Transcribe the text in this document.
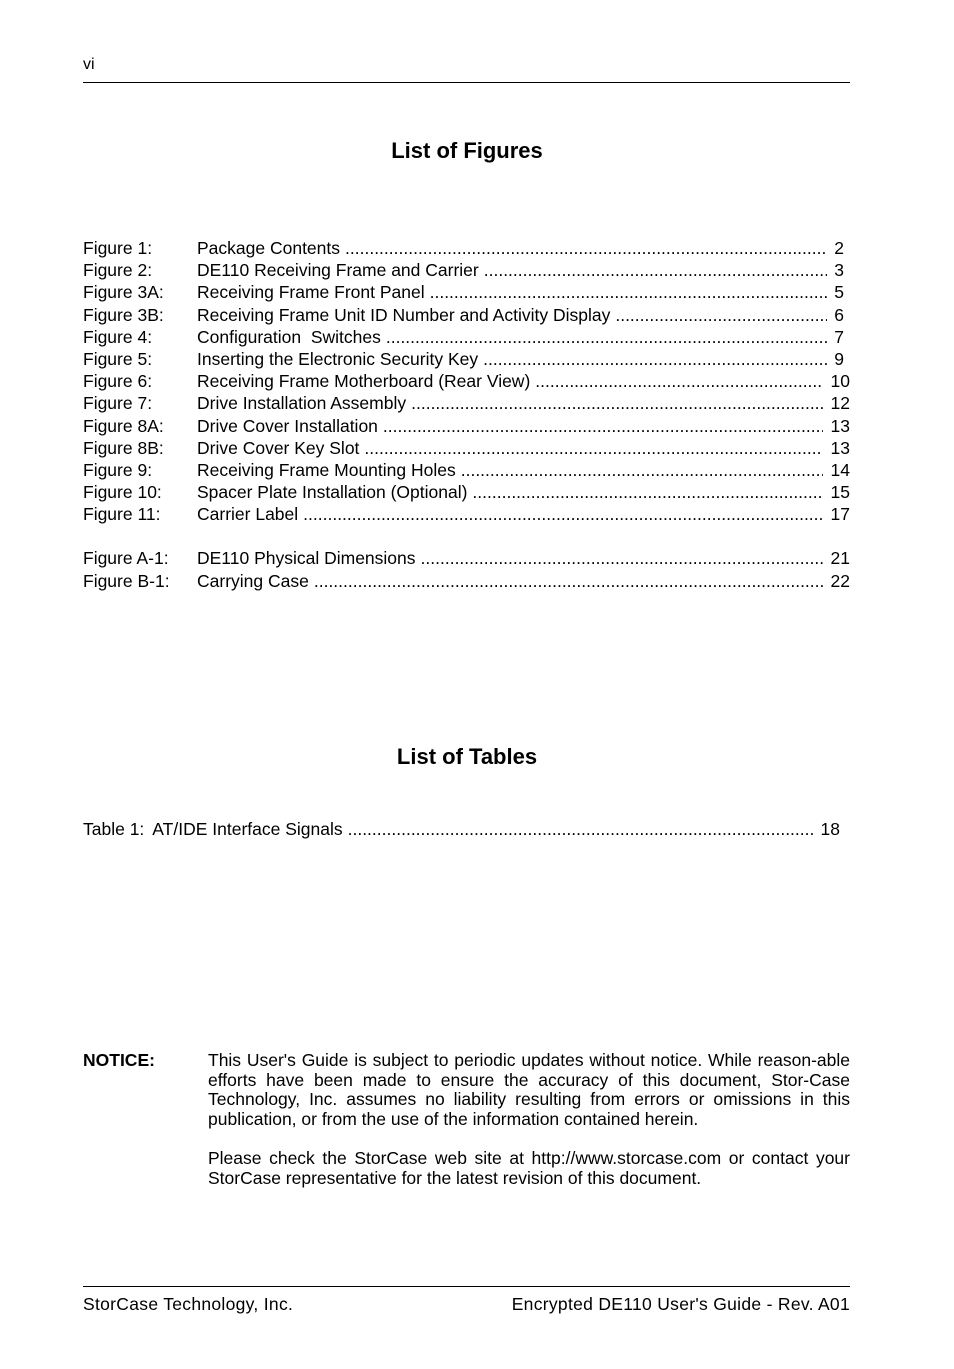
vi
List of Figures
Figure 1:	Package Contents .....	2
Figure 2:	DE110 Receiving Frame and Carrier .....	3
Figure 3A:	Receiving Frame Front Panel .....	5
Figure 3B:	Receiving Frame Unit ID Number and Activity Display .....	6
Figure 4:	Configuration  Switches .....	7
Figure 5:	Inserting the Electronic Security Key .....	9
Figure 6:	Receiving Frame Motherboard (Rear View) .....	10
Figure 7:	Drive Installation Assembly .....	12
Figure 8A:	Drive Cover Installation .....	13
Figure 8B:	Drive Cover Key Slot .....	13
Figure 9:	Receiving Frame Mounting Holes .....	14
Figure 10:	Spacer Plate Installation (Optional) .....	15
Figure 11:	Carrier Label .....	17
Figure A-1:	DE110 Physical Dimensions .....	21
Figure B-1:	Carrying Case .....	22
List of Tables
Table 1: AT/IDE Interface Signals .....	18
NOTICE:	This User's Guide is subject to periodic updates without notice. While reason-able efforts have been made to ensure the accuracy of this document, Stor-Case Technology, Inc. assumes no liability resulting from errors or omissions in this publication, or from the use of the information contained herein.

Please check the StorCase web site at http://www.storcase.com or contact your StorCase representative for the latest revision of this document.

StorCase Technology, Inc.	Encrypted DE110 User's Guide - Rev. A01
